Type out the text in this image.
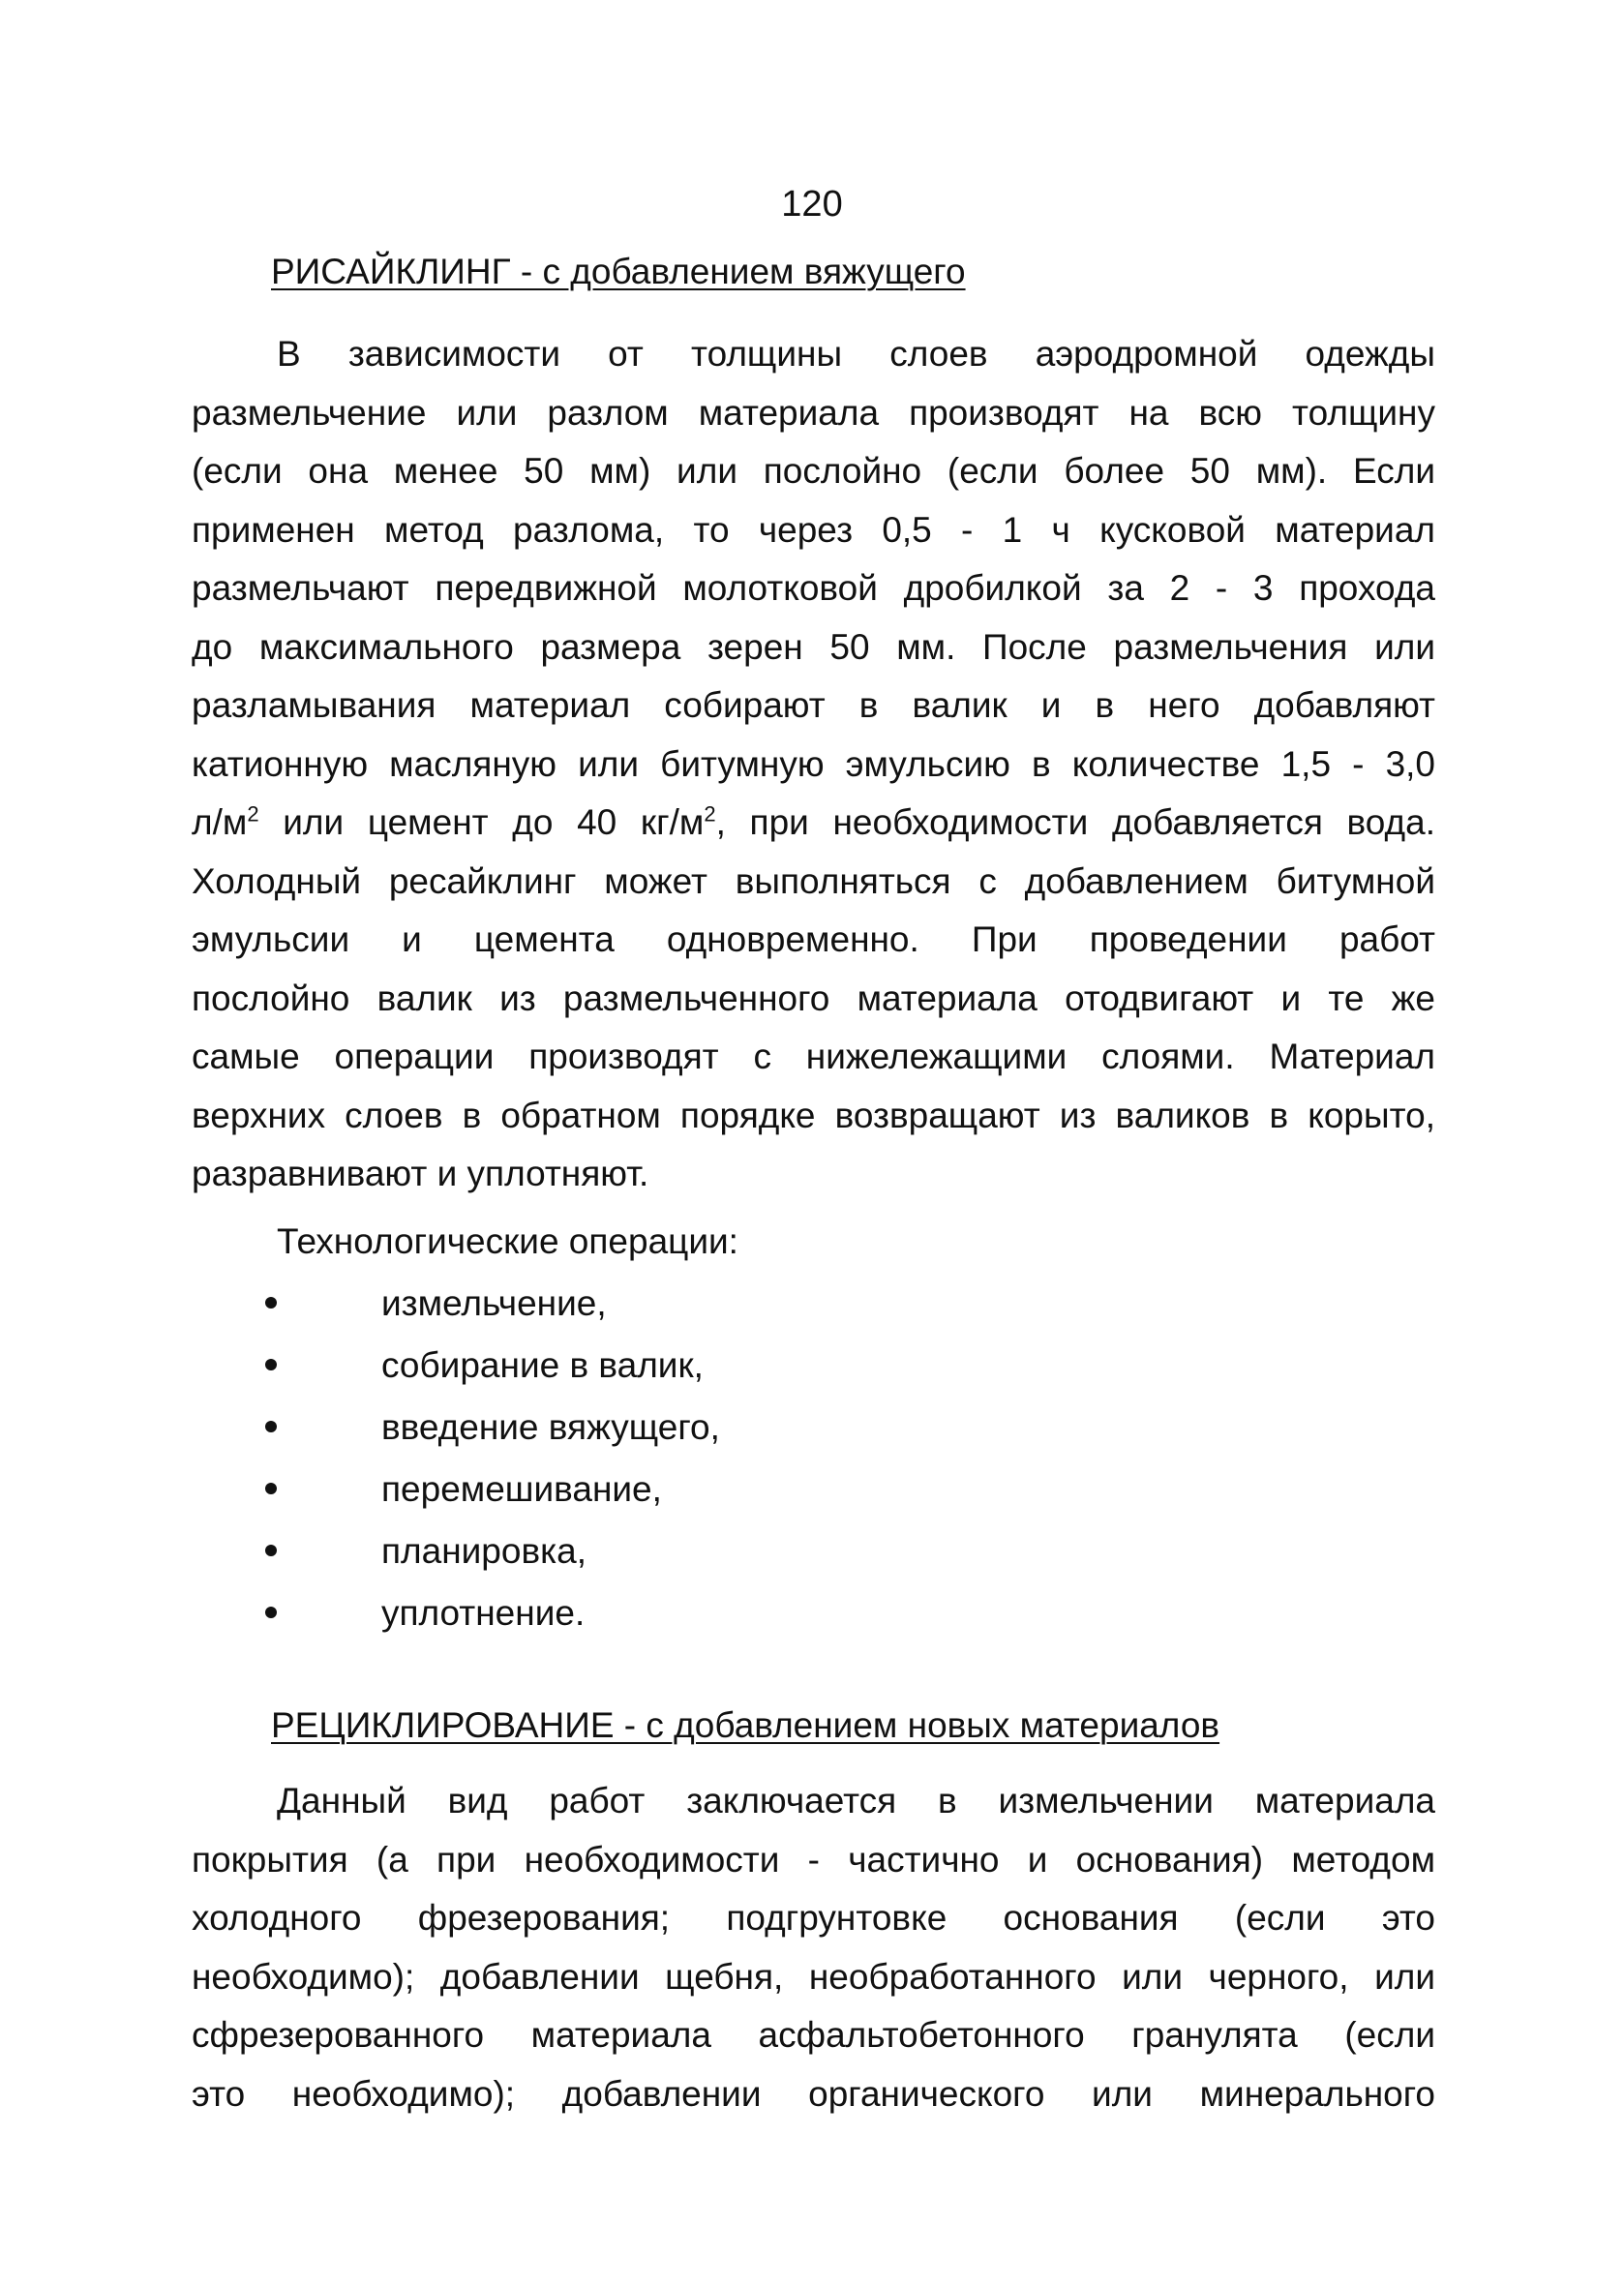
120
РИСАЙКЛИНГ - с добавлением вяжущего
В зависимости от толщины слоев аэродромной одежды
размельчение или разлом материала производят на всю толщину
(если она менее 50 мм) или послойно (если более 50 мм). Если
применен метод разлома, то через 0,5 - 1 ч кусковой материал
размельчают передвижной молотковой дробилкой за 2 - 3 прохода
до максимального размера зерен 50 мм. После размельчения или
разламывания материал собирают в валик и в него добавляют
катионную масляную или битумную эмульсию в количестве 1,5 - 3,0
$л/м^2$ или цемент до 40 $кг/м^2$, при необходимости добавляется вода.
Холодный ресайклинг может выполняться с добавлением битумной
эмульсии и цемента одновременно. При проведении работ
послойно валик из размельченного материала отодвигают и те же
самые операции производят с нижележащими слоями. Материал
верхних слоев в обратном порядке возвращают из валиков в корыто,
разравнивают и уплотняют.
Технологические операции:
измельчение,
собирание в валик,
введение вяжущего,
перемешивание,
планировка,
уплотнение.
РЕЦИКЛИРОВАНИЕ - с добавлением новых материалов
Данный вид работ заключается в измельчении материала
покрытия (а при необходимости - частично и основания) методом
холодного фрезерования; подгрунтовке основания (если это
необходимо); добавлении щебня, необработанного или черного, или
сфрезерованного материала асфальтобетонного гранулята (если
это необходимо); добавлении органического или минерального
